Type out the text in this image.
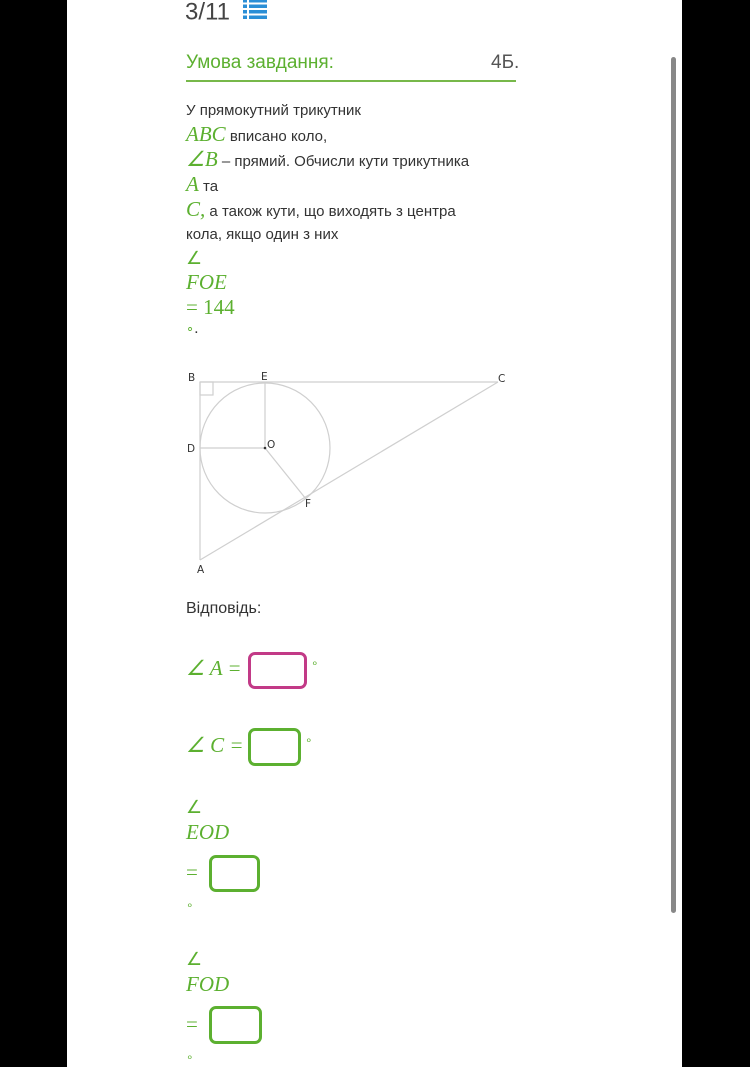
3/11
Умова завдання:	4Б.
У прямокутний трикутник
ABC вписано коло,
∠B – прямий. Обчисли кути трикутника
A та
C, а також кути, що виходять з центра
кола, якщо один з них
∠
FOE
= 144
∘.
B	E	C
D	O
F
A
Відповідь:
∠ A =	∘
∠ C =	∘
∠
EOD
=
∘
∠
FOD
=
∘
